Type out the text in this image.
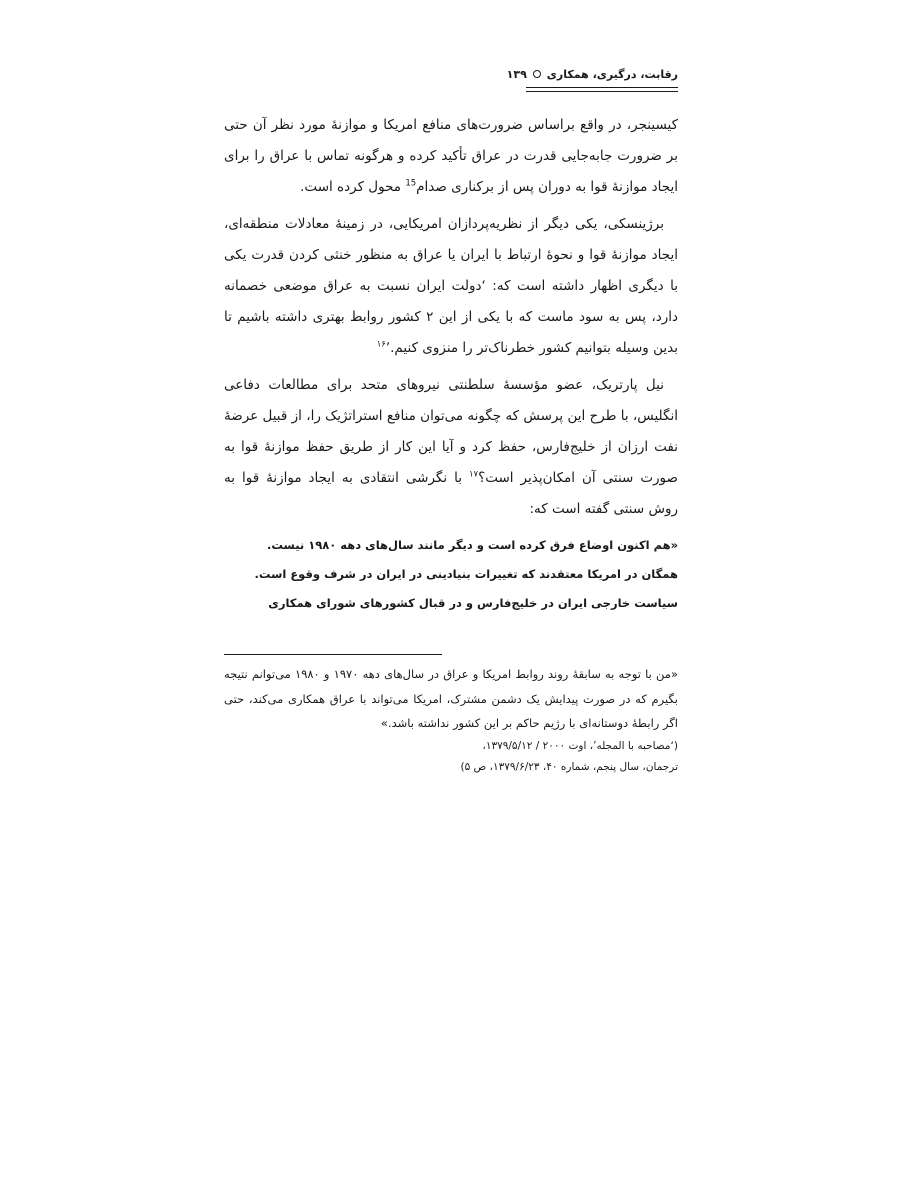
رقابت، درگیری، همکاری
۱۳۹

کیسینجر، در واقع براساس ضرورت‌های منافع امریکا و موازنهٔ مورد نظر آن حتی بر ضرورت جابه‌جایی قدرت در عراق تأکید کرده و هرگونه تماس با عراق را برای ایجاد موازنهٔ قوا به دوران پس از برکناری صدام$^{15}$ محول کرده است.

برژینسکی، یکی دیگر از نظریه‌پردازان امریکایی، در زمینهٔ معادلات منطقه‌ای، ایجاد موازنهٔ قوا و نحوهٔ ارتباط با ایران یا عراق به منظور خنثی کردن قدرت یکی با دیگری اظهار داشته است که: ʻدولت ایران نسبت به عراق موضعی خصمانه دارد، پس به سود ماست که با یکی از این ۲ کشور روابط بهتری داشته باشیم تا بدین وسیله بتوانیم کشور خطرناک‌تر را منزوی کنیم.$^{۱۶}$ʼ

نیل پارتریک، عضو مؤسسهٔ سلطنتی نیروهای متحد برای مطالعات دفاعی انگلیس، با طرح این پرسش که چگونه می‌توان منافع استراتژیک را، از قبیل عرضهٔ نفت ارزان از خلیج‌فارس، حفظ کرد و آیا این کار از طریق حفظ موازنهٔ قوا به صورت سنتی آن امکان‌پذیر است؟$^{۱۷}$ با نگرشی انتقادی به ایجاد موازنهٔ قوا به روش سنتی گفته است که:

«هم اکنون اوضاع فرق کرده است و دیگر مانند سال‌های دهه ۱۹۸۰ نیست.
همگان در امریکا معتقدند که تغییرات بنیادینی در ایران در شرف وقوع است.
سیاست خارجی ایران در خلیج‌فارس و در قبال کشورهای شورای همکاری
«من با توجه به سابقهٔ روند روابط امریکا و عراق در سال‌های دهه ۱۹۷۰ و ۱۹۸۰ می‌توانم نتیجه بگیرم که در صورت پیدایش یک دشمن مشترک، امریکا می‌تواند با عراق همکاری می‌کند، حتی اگر رابطهٔ دوستانه‌ای با رژیم حاکم بر این کشور نداشته باشد.»
(ʻمصاحبه با المجلهʼ، اوت ۲۰۰۰ / ۱۳۷۹/۵/۱۲،
ترجمان، سال پنجم، شماره ۴۰، ۱۳۷۹/۶/۲۳، ص ۵)
